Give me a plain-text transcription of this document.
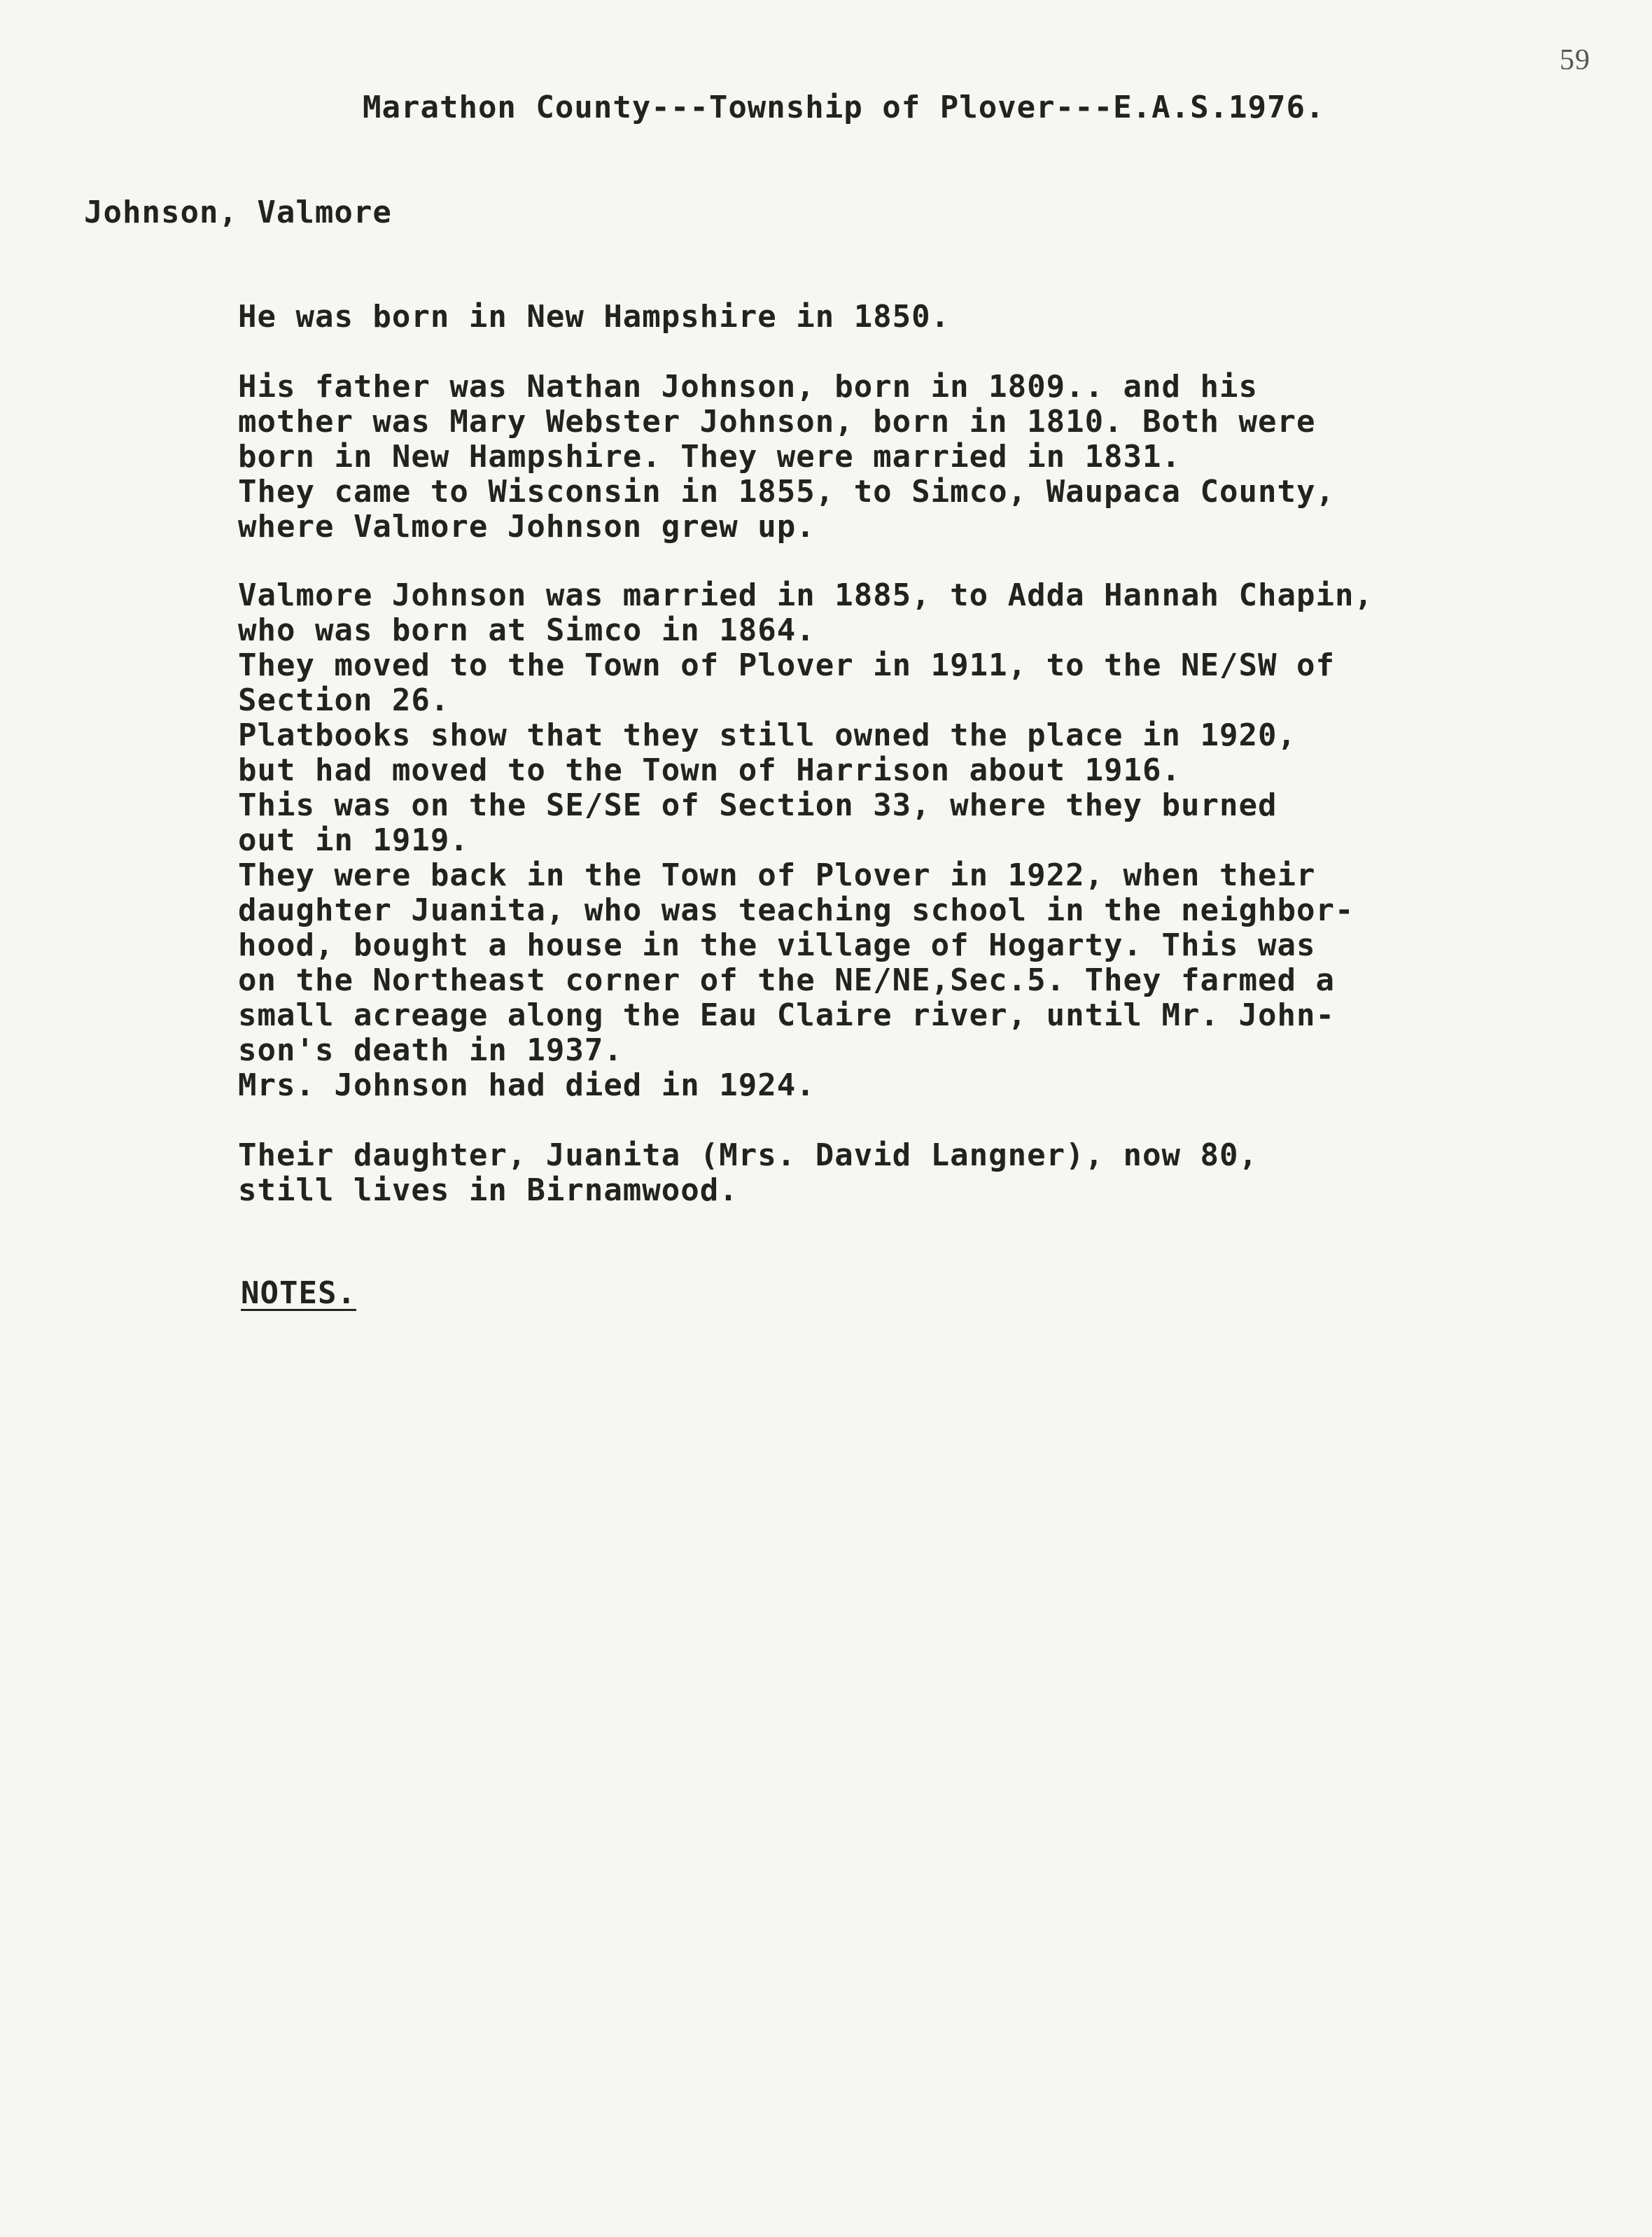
59
Marathon County---Township of Plover---E.A.S.1976.
Johnson, Valmore
He was born in New Hampshire in 1850.
His father was Nathan Johnson, born in 1809.. and his
mother was Mary Webster Johnson, born in 1810. Both were
born in New Hampshire. They were married in 1831.
They came to Wisconsin in 1855, to Simco, Waupaca County,
where Valmore Johnson grew up.
Valmore Johnson was married in 1885, to Adda Hannah Chapin,
who was born at Simco in 1864.
They moved to the Town of Plover in 1911, to the NE/SW of
Section 26.
Platbooks show that they still owned the place in 1920,
but had moved to the Town of Harrison about 1916.
This was on the SE/SE of Section 33, where they burned
out in 1919.
They were back in the Town of Plover in 1922, when their
daughter Juanita, who was teaching school in the neighbor-
hood, bought a house in the village of Hogarty. This was
on the Northeast corner of the NE/NE,Sec.5. They farmed a
small acreage along the Eau Claire river, until Mr. John-
son's death in 1937.
Mrs. Johnson had died in 1924.
Their daughter, Juanita (Mrs. David Langner), now 80,
still lives in Birnamwood.
NOTES.
